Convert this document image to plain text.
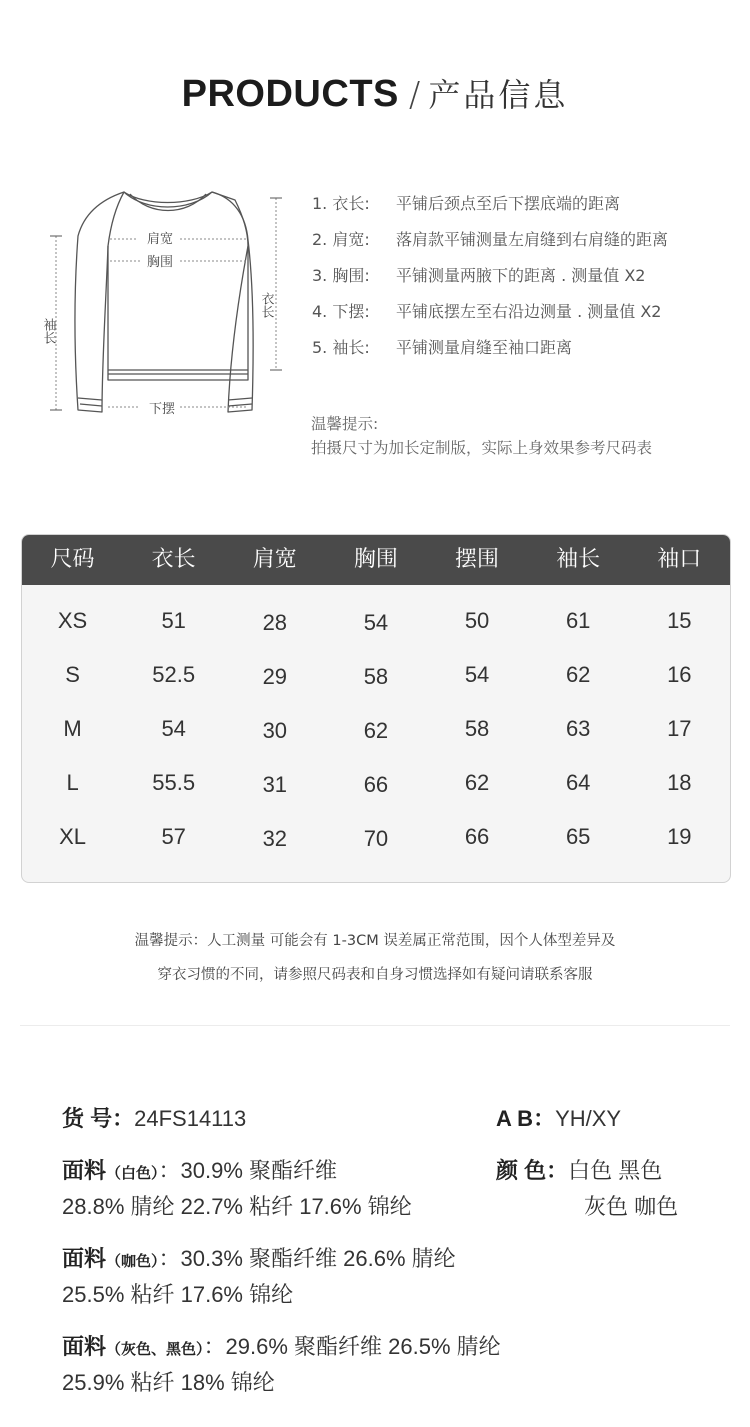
PRODUCTS / 产品信息
肩宽
胸围
下摆
衣长
袖长
1. 衣长: 平铺后颈点至后下摆底端的距离
2. 肩宽: 落肩款平铺测量左肩缝到右肩缝的距离
3. 胸围: 平铺测量两腋下的距离 . 测量值 X2
4. 下摆: 平铺底摆左至右沿边测量 . 测量值 X2
5. 袖长: 平铺测量肩缝至袖口距离
温馨提示:
拍摄尺寸为加长定制版，实际上身效果参考尺码表
尺码	衣长	肩宽	胸围	摆围	袖长	袖口
XS	51	28	54	50	61	15
S	52.5	29	58	54	62	16
M	54	30	62	58	63	17
L	55.5	31	66	62	64	18
XL	57	32	70	66	65	19
温馨提示：人工测量 可能会有 1-3CM 误差属正常范围，因个人体型差异及
穿衣习惯的不同，请参照尺码表和自身习惯选择如有疑问请联系客服
货 号：24FS14113	A B：YH/XY
面料（白色）：30.9% 聚酯纤维
28.8% 腈纶 22.7% 粘纤 17.6% 锦纶
颜 色：白色 黑色
灰色 咖色
面料（咖色）：30.3% 聚酯纤维 26.6% 腈纶
25.5% 粘纤 17.6% 锦纶
面料（灰色、黑色）：29.6% 聚酯纤维 26.5% 腈纶
25.9% 粘纤 18% 锦纶
